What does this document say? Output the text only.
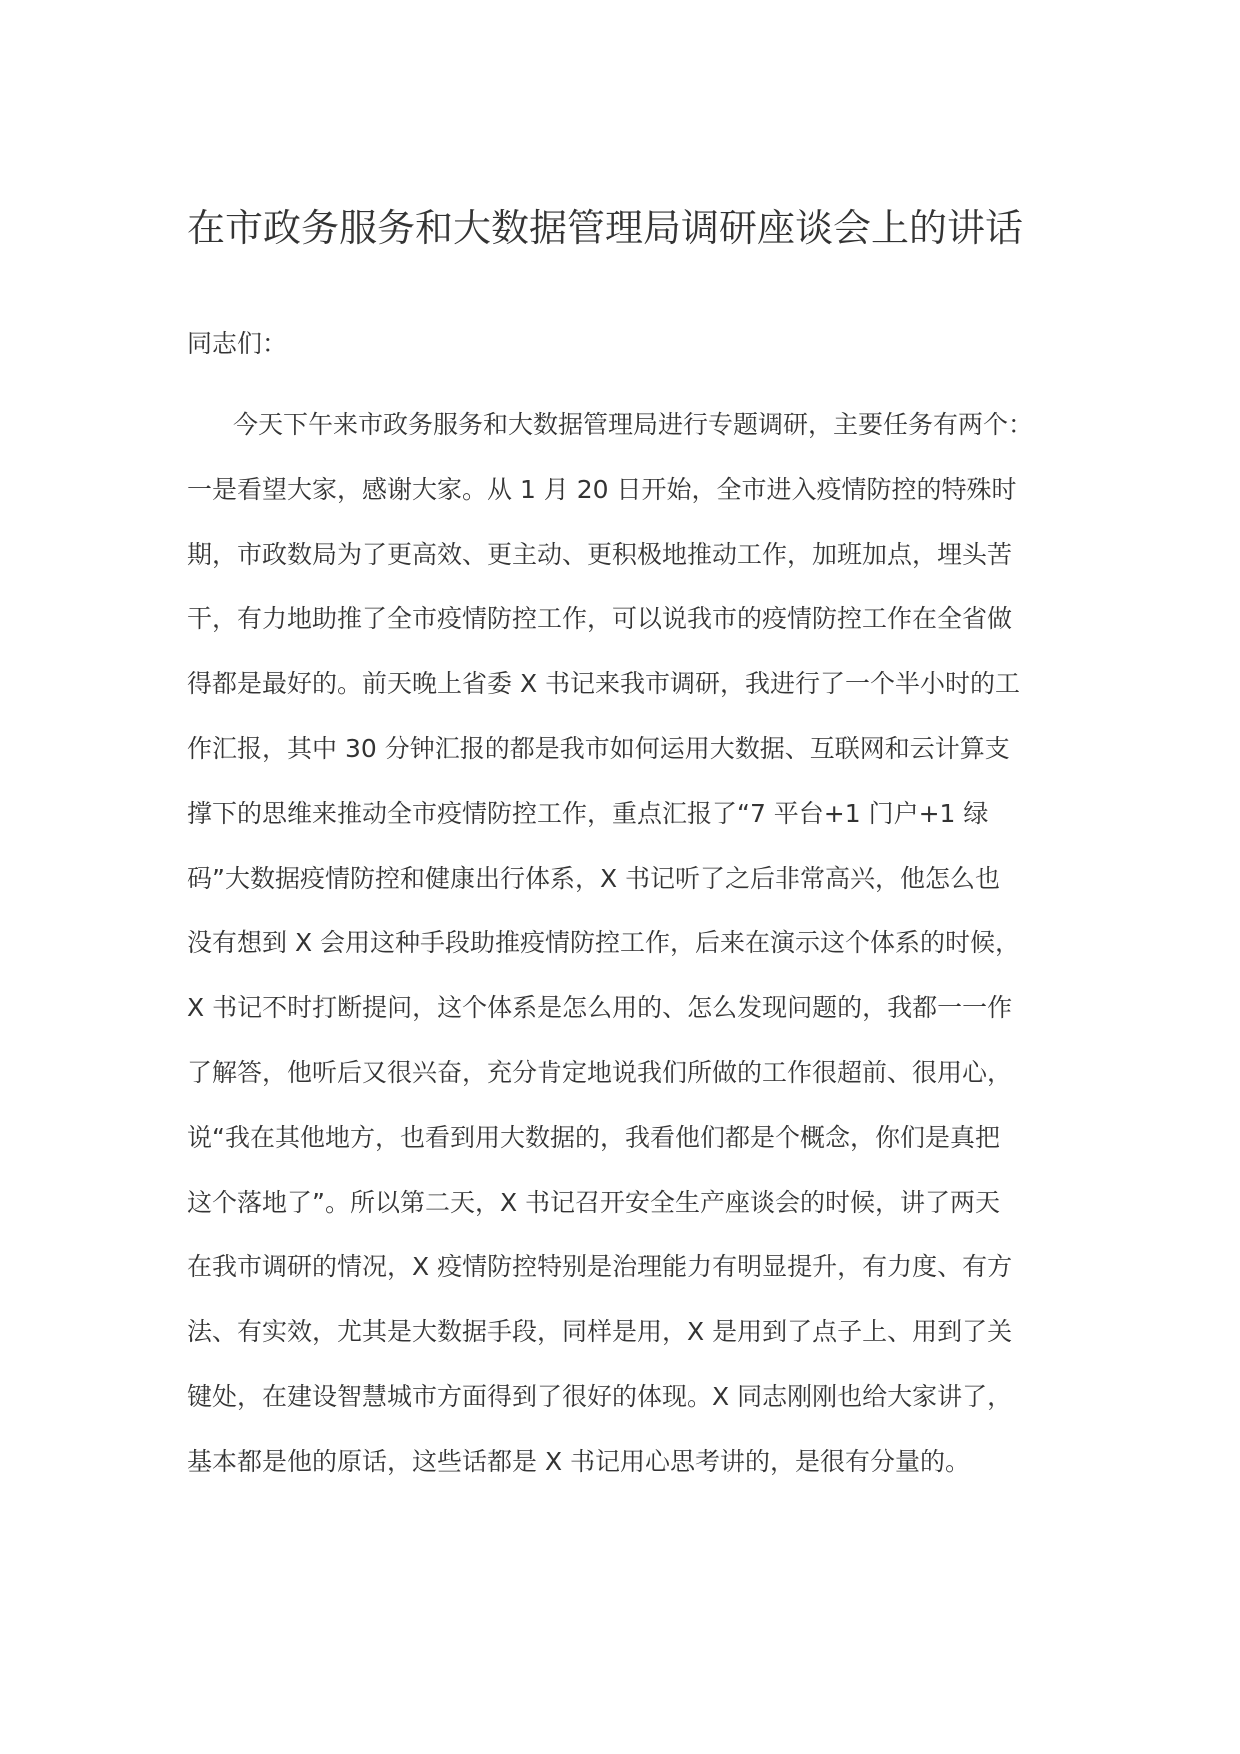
在市政务服务和大数据管理局调研座谈会上的讲话
同志们：
今天下午来市政务服务和大数据管理局进行专题调研，主要任务有两个：
一是看望大家，感谢大家。从 1 月 20 日开始，全市进入疫情防控的特殊时
期，市政数局为了更高效、更主动、更积极地推动工作，加班加点，埋头苦
干，有力地助推了全市疫情防控工作，可以说我市的疫情防控工作在全省做
得都是最好的。前天晚上省委 X 书记来我市调研，我进行了一个半小时的工
作汇报，其中 30 分钟汇报的都是我市如何运用大数据、互联网和云计算支
撑下的思维来推动全市疫情防控工作，重点汇报了“7 平台+1 门户+1 绿
码”大数据疫情防控和健康出行体系，X 书记听了之后非常高兴，他怎么也
没有想到 X 会用这种手段助推疫情防控工作，后来在演示这个体系的时候，
X 书记不时打断提问，这个体系是怎么用的、怎么发现问题的，我都一一作
了解答，他听后又很兴奋，充分肯定地说我们所做的工作很超前、很用心，
说“我在其他地方，也看到用大数据的，我看他们都是个概念，你们是真把
这个落地了”。所以第二天，X 书记召开安全生产座谈会的时候，讲了两天
在我市调研的情况，X 疫情防控特别是治理能力有明显提升，有力度、有方
法、有实效，尤其是大数据手段，同样是用，X 是用到了点子上、用到了关
键处，在建设智慧城市方面得到了很好的体现。X 同志刚刚也给大家讲了，
基本都是他的原话，这些话都是 X 书记用心思考讲的，是很有分量的。
